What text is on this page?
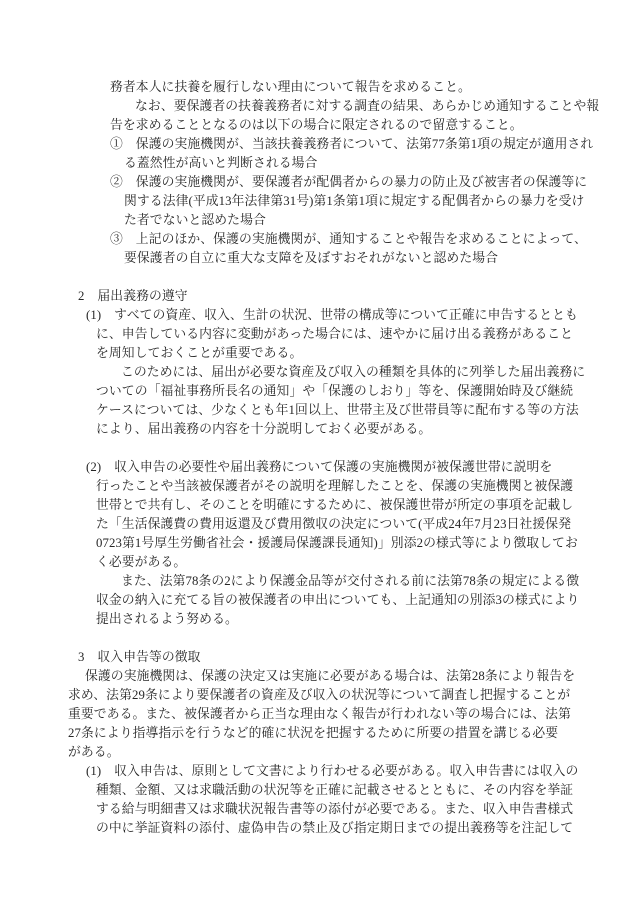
務者本人に扶養を履行しない理由について報告を求めること。
なお、要保護者の扶養義務者に対する調査の結果、あらかじめ通知することや報
告を求めることとなるのは以下の場合に限定されるので留意すること。
①　保護の実施機関が、当該扶養義務者について、法第77条第1項の規定が適用され
る蓋然性が高いと判断される場合
②　保護の実施機関が、要保護者が配偶者からの暴力の防止及び被害者の保護等に
関する法律(平成13年法律第31号)第1条第1項に規定する配偶者からの暴力を受け
た者でないと認めた場合
③　上記のほか、保護の実施機関が、通知することや報告を求めることによって、
要保護者の自立に重大な支障を及ぼすおそれがないと認めた場合

2　届出義務の遵守
(1)　すべての資産、収入、生計の状況、世帯の構成等について正確に申告するととも
に、申告している内容に変動があった場合には、速やかに届け出る義務があること
を周知しておくことが重要である。
このためには、届出が必要な資産及び収入の種類を具体的に列挙した届出義務に
ついての「福祉事務所長名の通知」や「保護のしおり」等を、保護開始時及び継続
ケースについては、少なくとも年1回以上、世帯主及び世帯員等に配布する等の方法
により、届出義務の内容を十分説明しておく必要がある。

(2)　収入申告の必要性や届出義務について保護の実施機関が被保護世帯に説明を
行ったことや当該被保護者がその説明を理解したことを、保護の実施機関と被保護
世帯とで共有し、そのことを明確にするために、被保護世帯が所定の事項を記載し
た「生活保護費の費用返還及び費用徴収の決定について(平成24年7月23日社援保発
0723第1号厚生労働省社会・援護局保護課長通知)」別添2の様式等により徴取してお
く必要がある。
また、法第78条の2により保護金品等が交付される前に法第78条の規定による徴
収金の納入に充てる旨の被保護者の申出についても、上記通知の別添3の様式により
提出されるよう努める。

3　収入申告等の徴取
保護の実施機関は、保護の決定又は実施に必要がある場合は、法第28条により報告を
求め、法第29条により要保護者の資産及び収入の状況等について調査し把握することが
重要である。また、被保護者から正当な理由なく報告が行われない等の場合には、法第
27条により指導指示を行うなど的確に状況を把握するために所要の措置を講じる必要
がある。
(1)　収入申告は、原則として文書により行わせる必要がある。収入申告書には収入の
種類、金額、又は求職活動の状況等を正確に記載させるとともに、その内容を挙証
する給与明細書又は求職状況報告書等の添付が必要である。また、収入申告書様式
の中に挙証資料の添付、虚偽申告の禁止及び指定期日までの提出義務等を注記して
